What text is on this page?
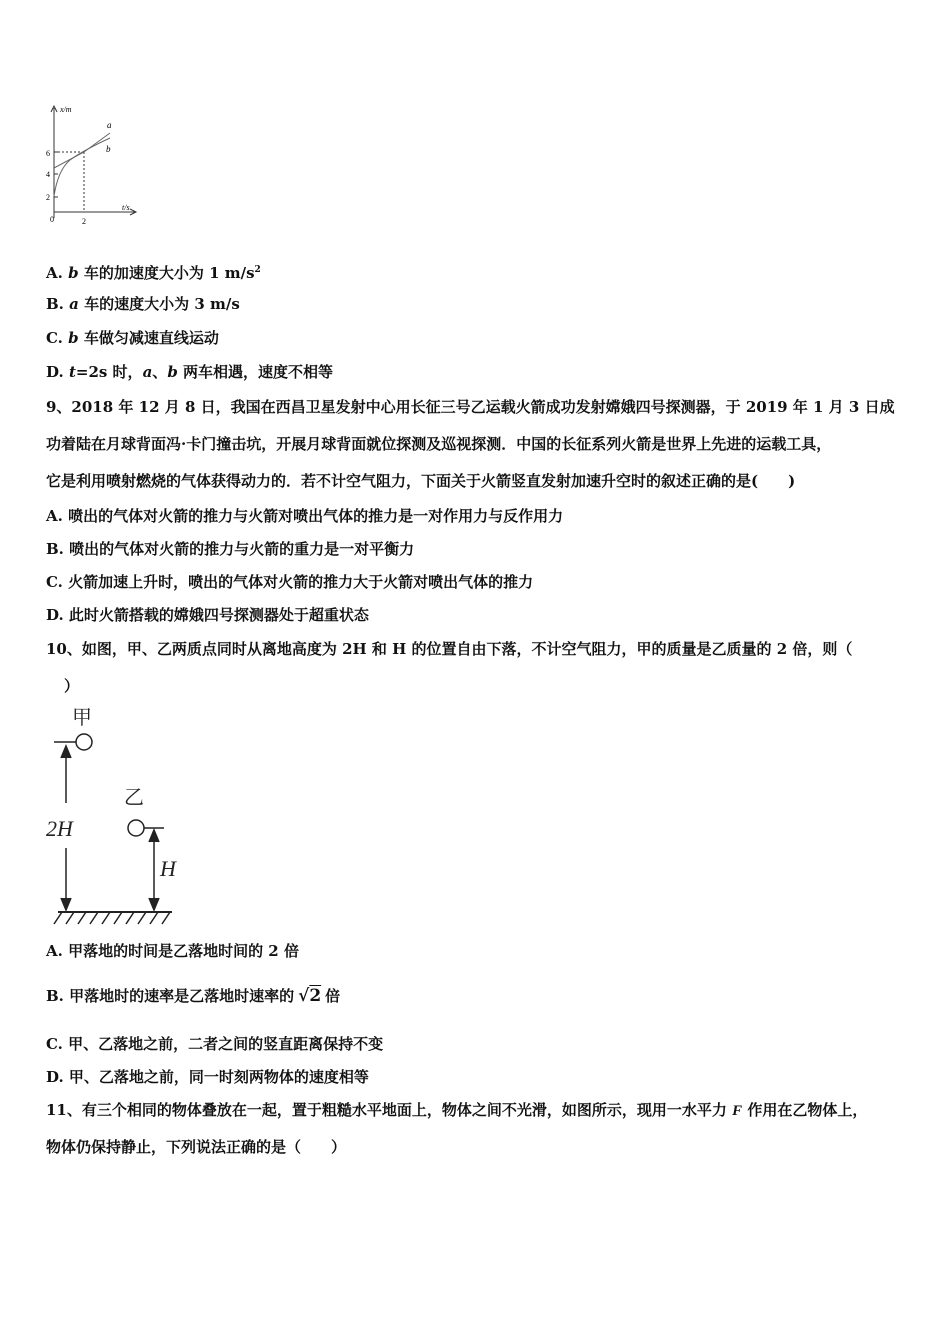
x/m
t/s
6
4
2
0	2
a
b
A. b 车的加速度大小为 1 $m/s^2$
B. a 车的速度大小为 3 m/s
C. b 车做匀减速直线运动
D. t=2s 时，a、b 两车相遇，速度不相等
9、2018 年 12 月 8 日，我国在西昌卫星发射中心用长征三号乙运载火箭成功发射嫦娥四号探测器，于 2019 年 1 月 3 日成
功着陆在月球背面冯·卡门撞击坑，开展月球背面就位探测及巡视探测．中国的长征系列火箭是世界上先进的运载工具，
它是利用喷射燃烧的气体获得动力的．若不计空气阻力，下面关于火箭竖直发射加速升空时的叙述正确的是(　　)
A. 喷出的气体对火箭的推力与火箭对喷出气体的推力是一对作用力与反作用力
B. 喷出的气体对火箭的推力与火箭的重力是一对平衡力
C. 火箭加速上升时，喷出的气体对火箭的推力大于火箭对喷出气体的推力
D. 此时火箭搭载的嫦娥四号探测器处于超重状态
10、如图，甲、乙两质点同时从离地高度为 2H 和 H 的位置自由下落，不计空气阻力，甲的质量是乙质量的 2 倍，则（
）
甲
乙
2H
H
A. 甲落地的时间是乙落地时间的 2 倍
B. 甲落地时的速率是乙落地时速率的 √2 倍
C. 甲、乙落地之前，二者之间的竖直距离保持不变
D. 甲、乙落地之前，同一时刻两物体的速度相等
11、有三个相同的物体叠放在一起，置于粗糙水平地面上，物体之间不光滑，如图所示，现用一水平力 F 作用在乙物体上，
物体仍保持静止，下列说法正确的是（　　）
